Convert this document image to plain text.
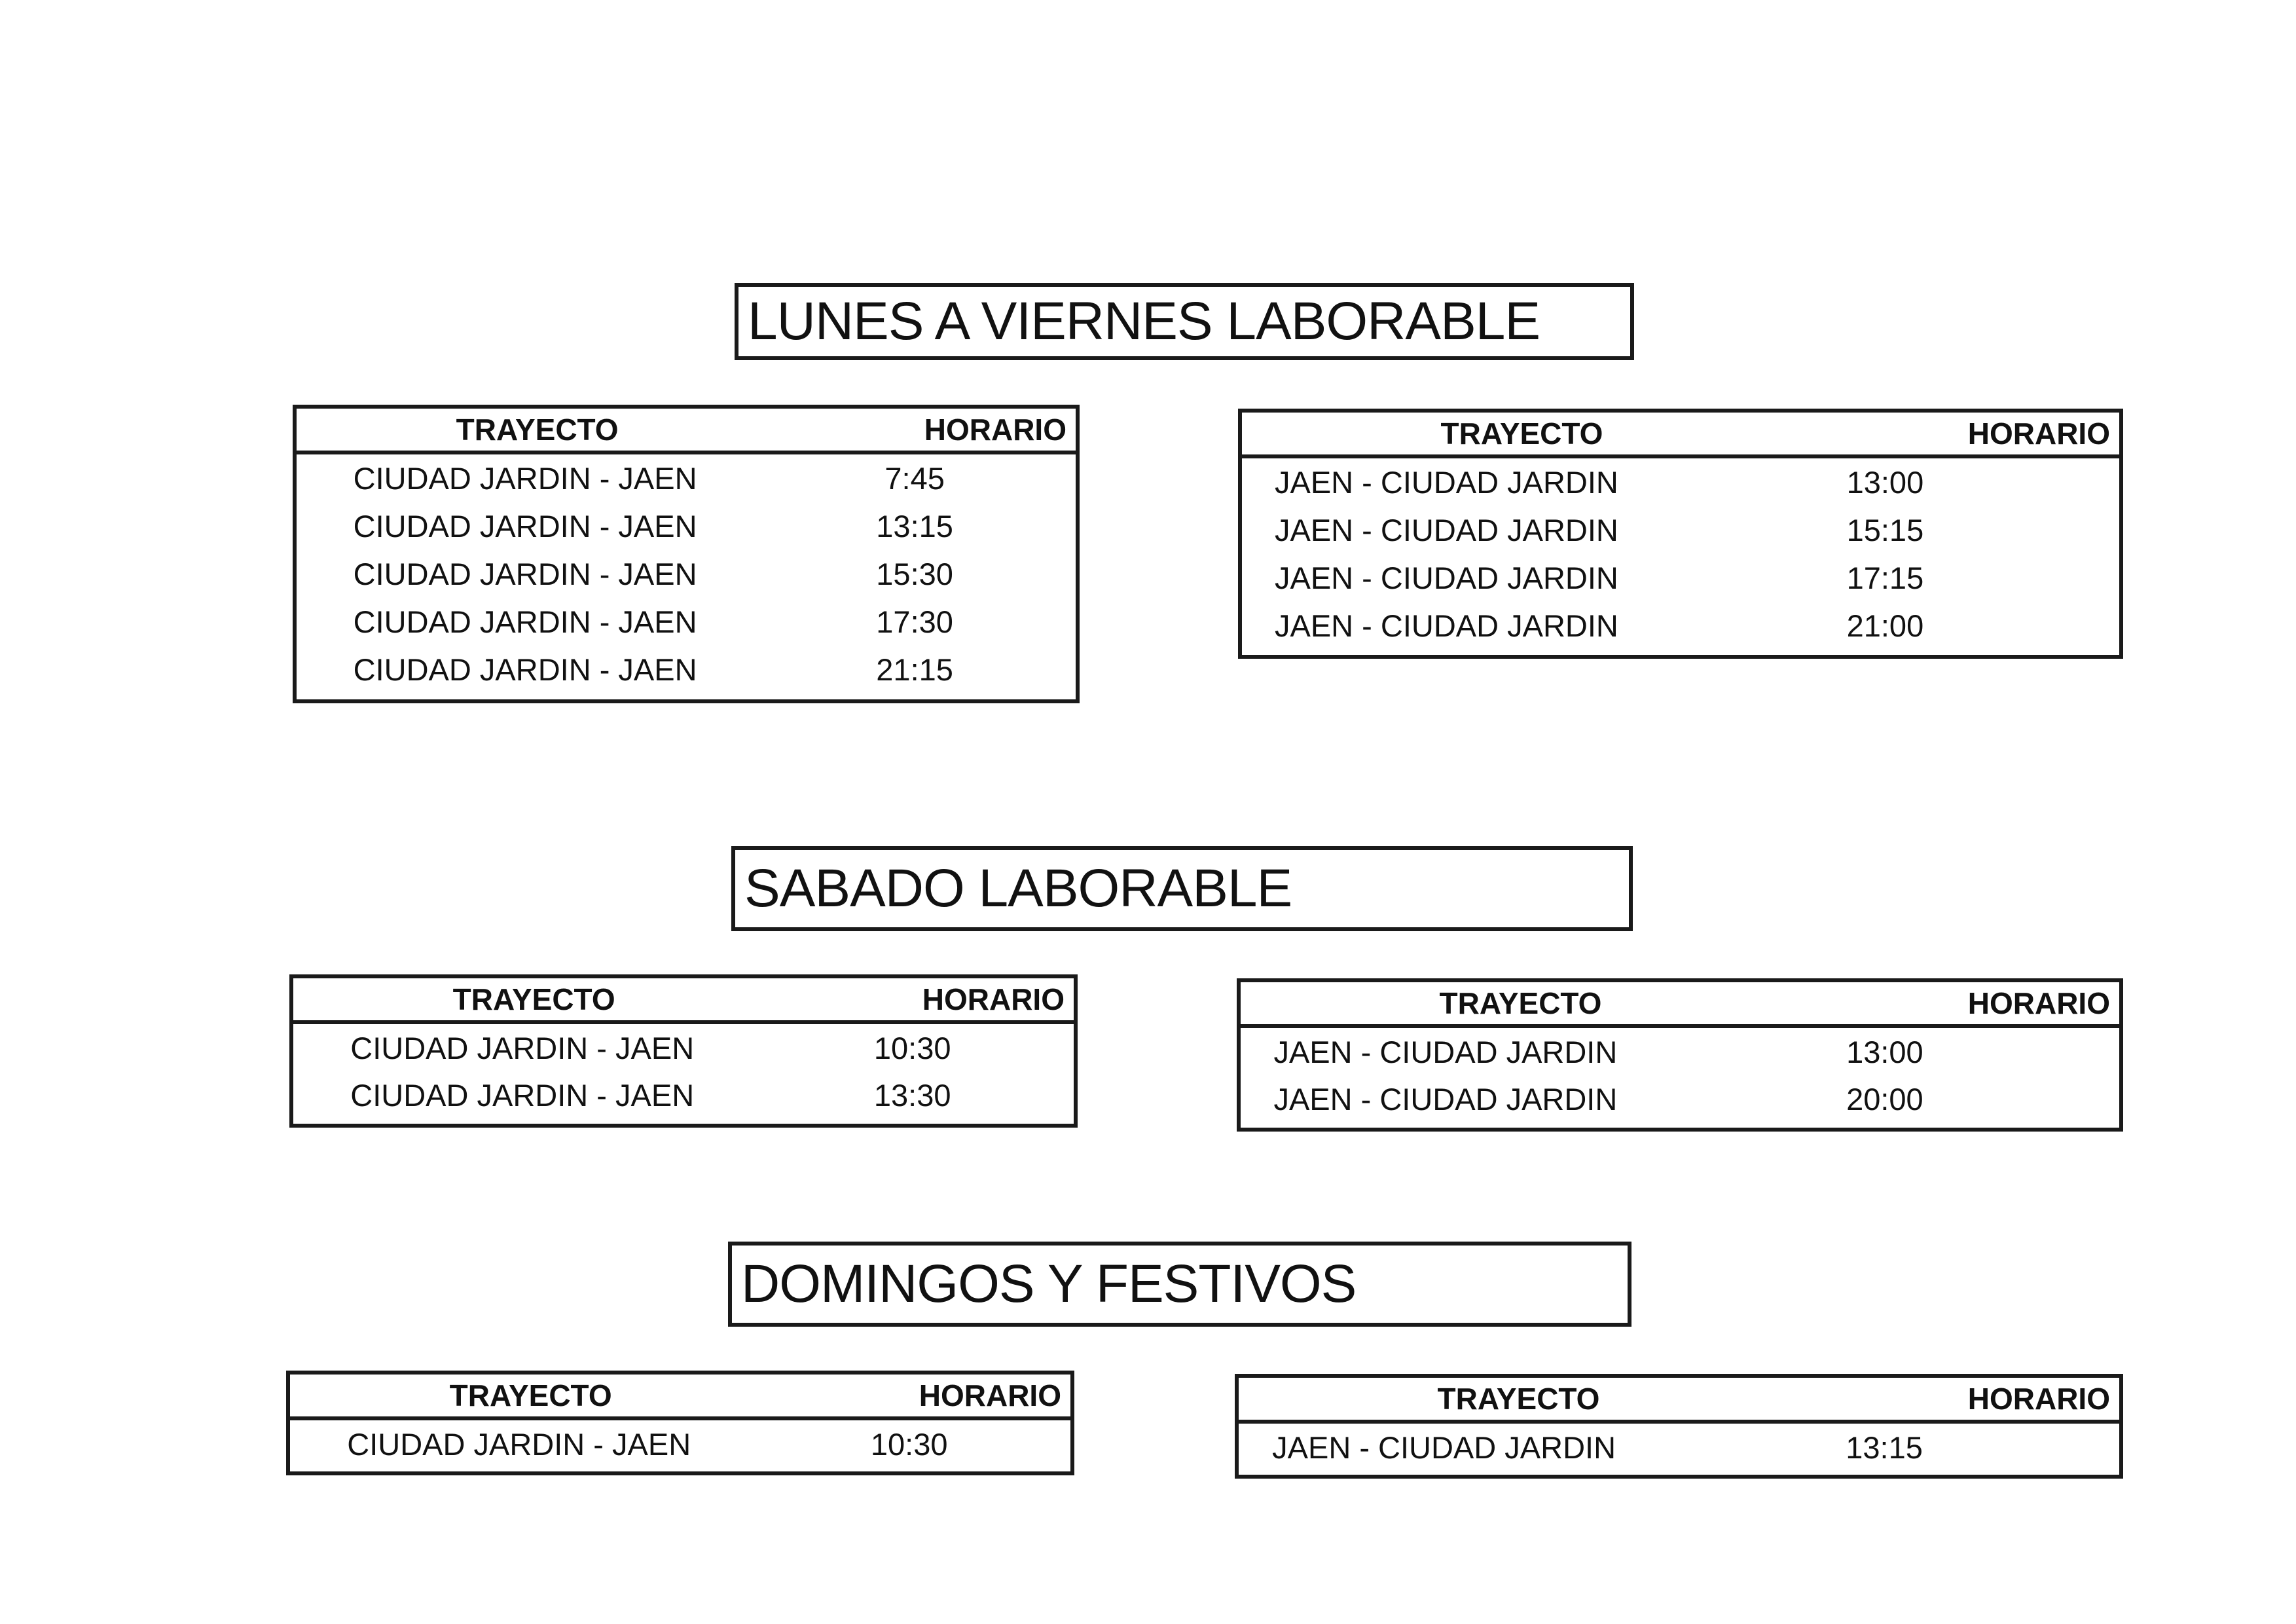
LUNES A VIERNES LABORABLE
TRAYECTO	HORARIO
CIUDAD JARDIN - JAEN	7:45
CIUDAD JARDIN - JAEN	13:15
CIUDAD JARDIN - JAEN	15:30
CIUDAD JARDIN - JAEN	17:30
CIUDAD JARDIN - JAEN	21:15
TRAYECTO	HORARIO
JAEN - CIUDAD JARDIN	13:00
JAEN - CIUDAD JARDIN	15:15
JAEN - CIUDAD JARDIN	17:15
JAEN - CIUDAD JARDIN	21:00
SABADO LABORABLE
TRAYECTO	HORARIO
CIUDAD JARDIN - JAEN	10:30
CIUDAD JARDIN - JAEN	13:30
TRAYECTO	HORARIO
JAEN - CIUDAD JARDIN	13:00
JAEN - CIUDAD JARDIN	20:00
DOMINGOS Y FESTIVOS
TRAYECTO	HORARIO
CIUDAD JARDIN - JAEN	10:30
TRAYECTO	HORARIO
JAEN - CIUDAD JARDIN	13:15
